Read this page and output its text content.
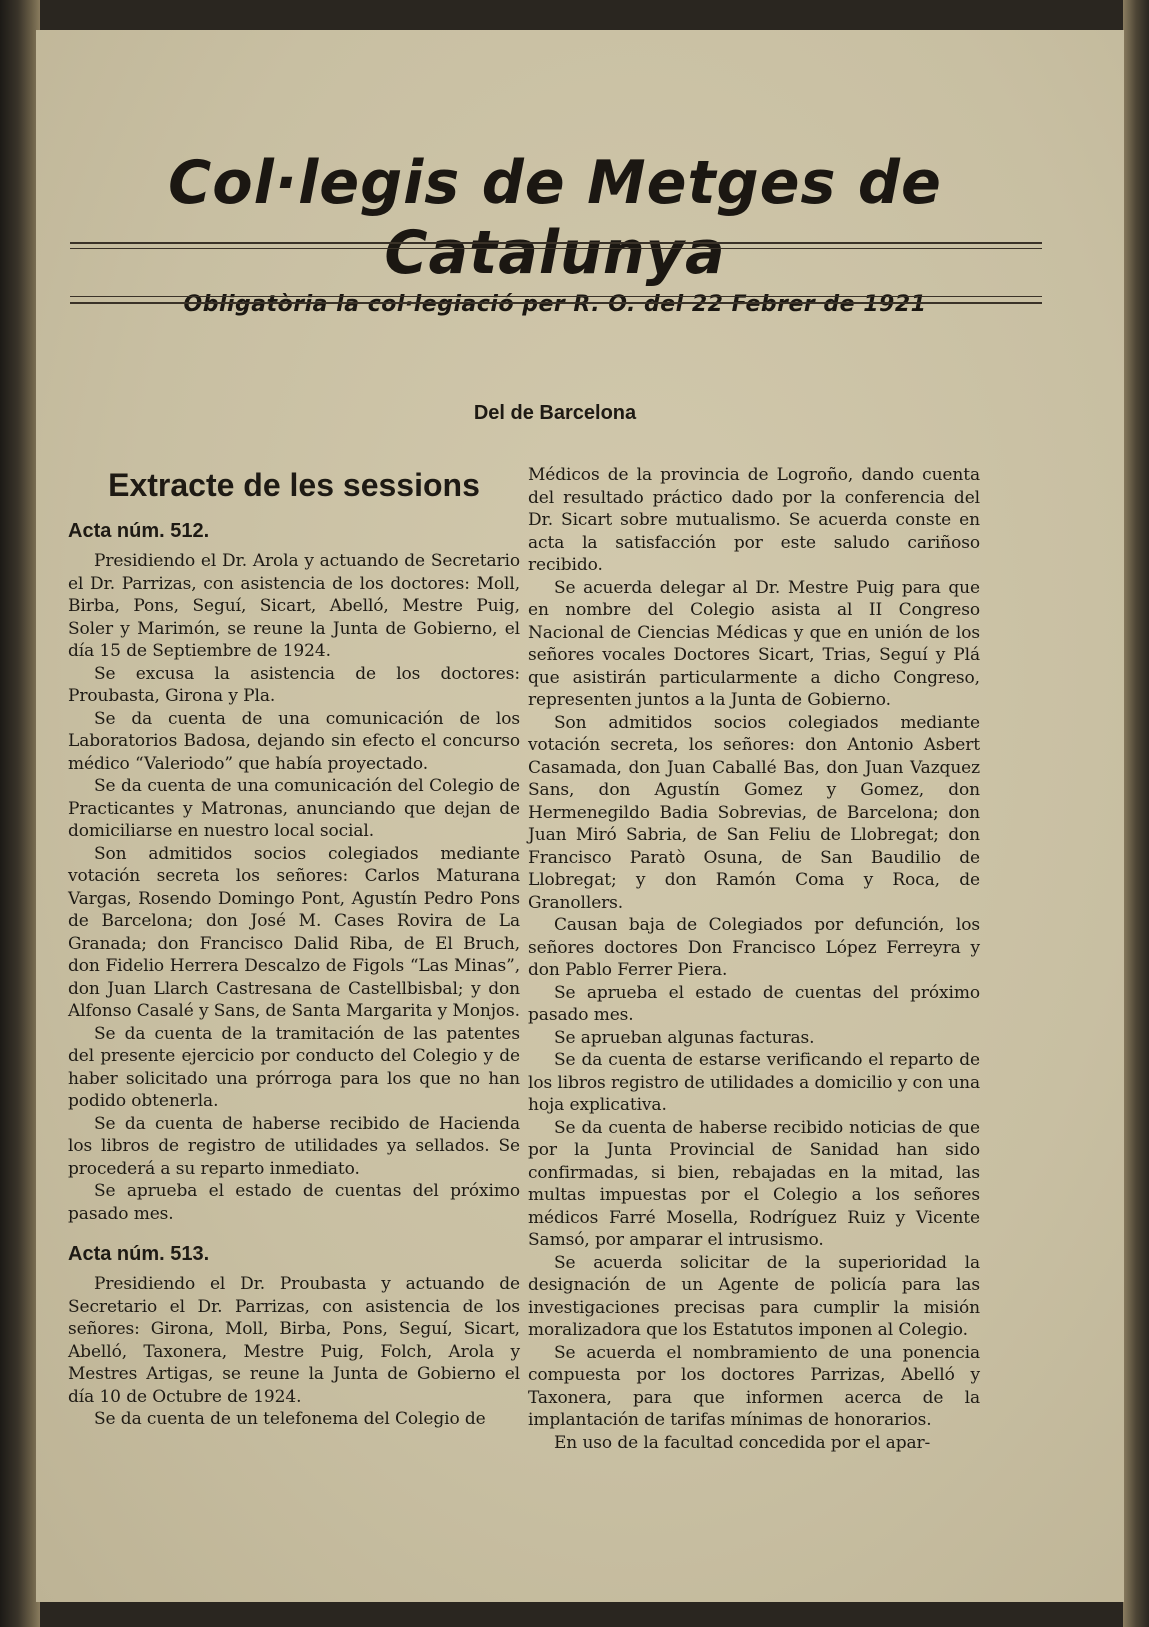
Col·legis de Metges de Catalunya
Obligatòria la col·legiació per R. O. del 22 Febrer de 1921
Del de Barcelona
Extracte de les sessions
Acta núm. 512.

Presidiendo el Dr. Arola y actuando de Secretario el Dr. Parrizas, con asistencia de los doctores: Moll, Birba, Pons, Seguí, Sicart, Abelló, Mestre Puig, Soler y Marimón, se reune la Junta de Gobierno, el día 15 de Septiembre de 1924.

Se excusa la asistencia de los doctores: Proubasta, Girona y Pla.

Se da cuenta de una comunicación de los Laboratorios Badosa, dejando sin efecto el concurso médico “Valeriodo” que había proyectado.

Se da cuenta de una comunicación del Colegio de Practicantes y Matronas, anunciando que dejan de domiciliarse en nuestro local social.

Son admitidos socios colegiados mediante votación secreta los señores: Carlos Maturana Vargas, Rosendo Domingo Pont, Agustín Pedro Pons de Barcelona; don José M. Cases Rovira de La Granada; don Francisco Dalid Riba, de El Bruch, don Fidelio Herrera Descalzo de Figols “Las Minas”, don Juan Llarch Castresana de Castellbisbal; y don Alfonso Casalé y Sans, de Santa Margarita y Monjos.

Se da cuenta de la tramitación de las patentes del presente ejercicio por conducto del Colegio y de haber solicitado una prórroga para los que no han podido obtenerla.

Se da cuenta de haberse recibido de Hacienda los libros de registro de utilidades ya sellados. Se procederá a su reparto inmediato.

Se aprueba el estado de cuentas del próximo pasado mes.

Acta núm. 513.

Presidiendo el Dr. Proubasta y actuando de Secretario el Dr. Parrizas, con asistencia de los señores: Girona, Moll, Birba, Pons, Seguí, Sicart, Abelló, Taxonera, Mestre Puig, Folch, Arola y Mestres Artigas, se reune la Junta de Gobierno el día 10 de Octubre de 1924.

Se da cuenta de un telefonema del Colegio de

Médicos de la provincia de Logroño, dando cuenta del resultado práctico dado por la conferencia del Dr. Sicart sobre mutualismo. Se acuerda conste en acta la satisfacción por este saludo cariñoso recibido.

Se acuerda delegar al Dr. Mestre Puig para que en nombre del Colegio asista al II Congreso Nacional de Ciencias Médicas y que en unión de los señores vocales Doctores Sicart, Trias, Seguí y Plá que asistirán particularmente a dicho Congreso, representen juntos a la Junta de Gobierno.

Son admitidos socios colegiados mediante votación secreta, los señores: don Antonio Asbert Casamada, don Juan Caballé Bas, don Juan Vazquez Sans, don Agustín Gomez y Gomez, don Hermenegildo Badia Sobrevias, de Barcelona; don Juan Miró Sabria, de San Feliu de Llobregat; don Francisco Paratò Osuna, de San Baudilio de Llobregat; y don Ramón Coma y Roca, de Granollers.

Causan baja de Colegiados por defunción, los señores doctores Don Francisco López Ferreyra y don Pablo Ferrer Piera.

Se aprueba el estado de cuentas del próximo pasado mes.

Se aprueban algunas facturas.

Se da cuenta de estarse verificando el reparto de los libros registro de utilidades a domicilio y con una hoja explicativa.

Se da cuenta de haberse recibido noticias de que por la Junta Provincial de Sanidad han sido confirmadas, si bien, rebajadas en la mitad, las multas impuestas por el Colegio a los señores médicos Farré Mosella, Rodríguez Ruiz y Vicente Samsó, por amparar el intrusismo.

Se acuerda solicitar de la superioridad la designación de un Agente de policía para las investigaciones precisas para cumplir la misión moralizadora que los Estatutos imponen al Colegio.

Se acuerda el nombramiento de una ponencia compuesta por los doctores Parrizas, Abelló y Taxonera, para que informen acerca de la implantación de tarifas mínimas de honorarios.

En uso de la facultad concedida por el apar-
